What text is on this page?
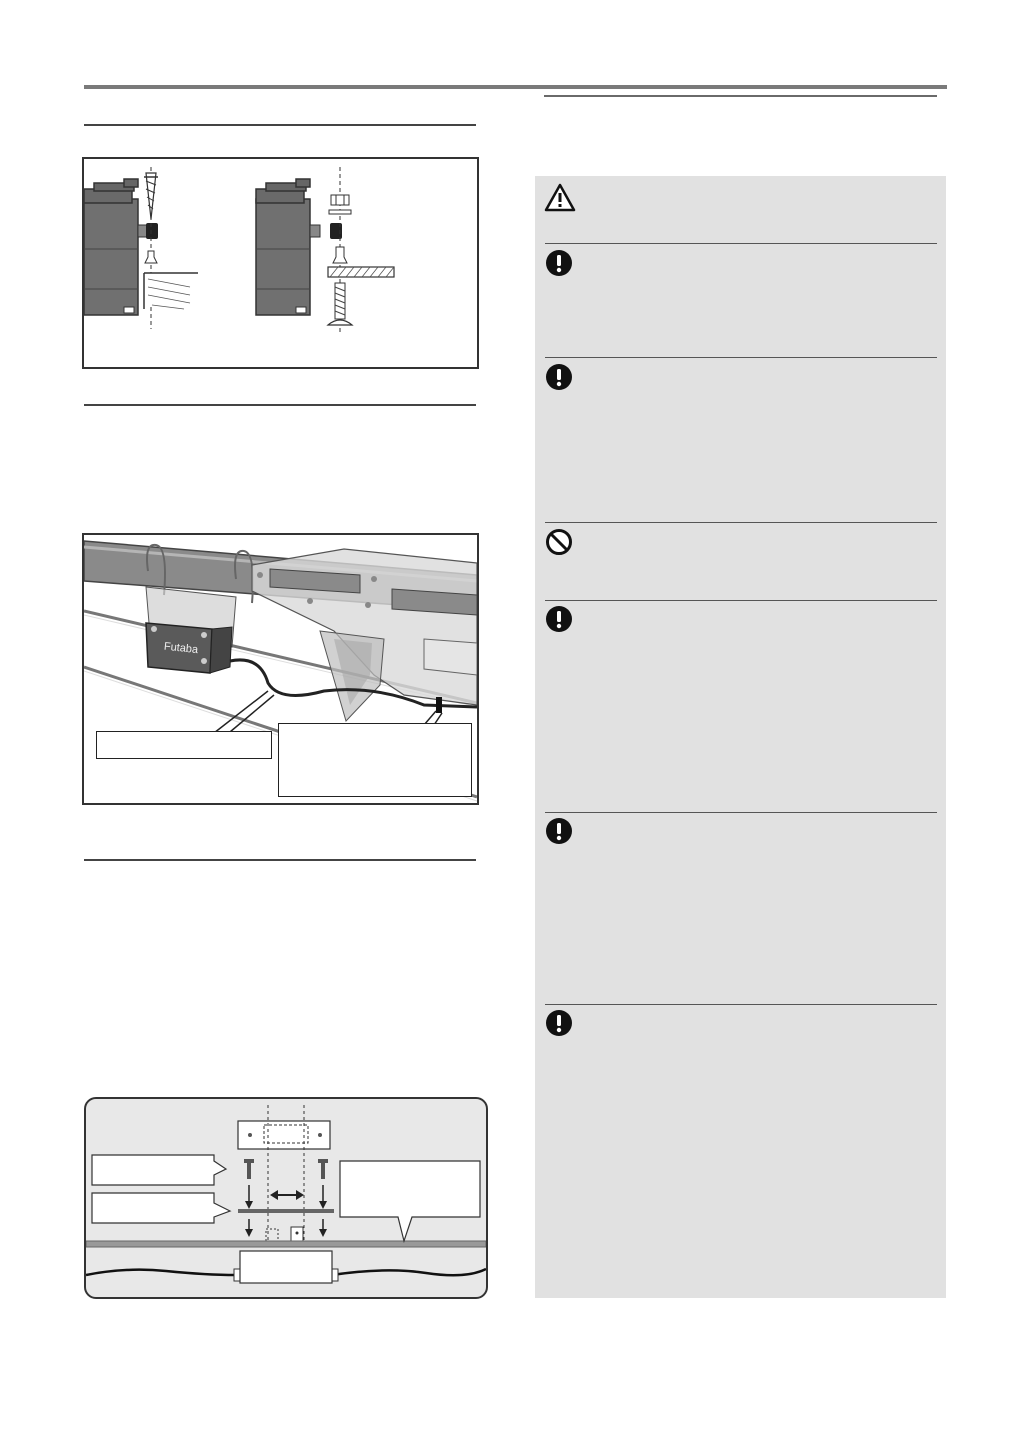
Futaba
